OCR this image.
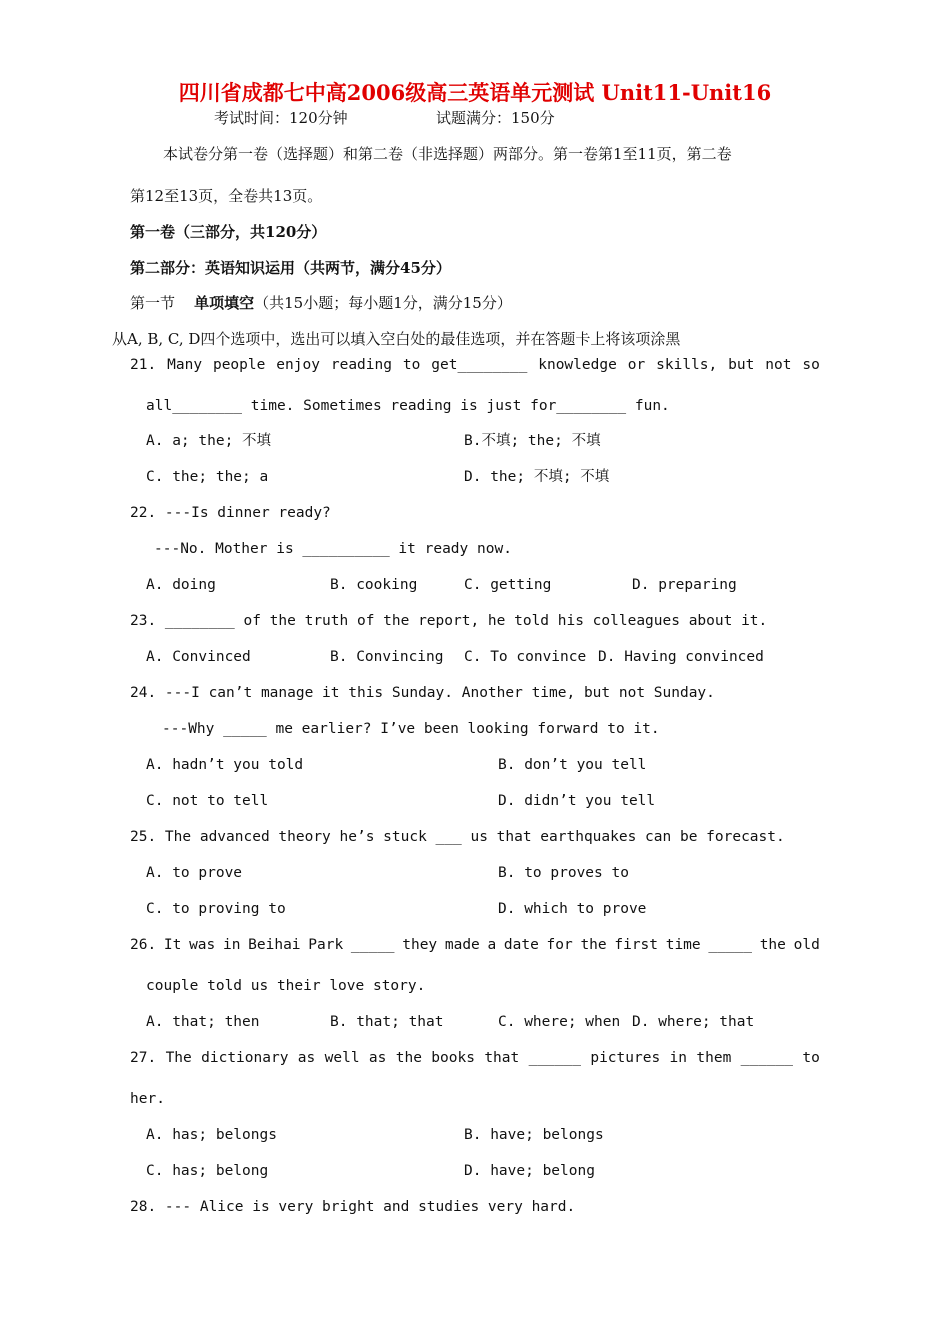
四川省成都七中高2006级高三英语单元测试 Unit11-Unit16
考试时间：120分钟	试题满分：150分
本试卷分第一卷（选择题）和第二卷（非选择题）两部分。第一卷第1至11页，第二卷
第12至13页，全卷共13页。
第一卷（三部分，共120分）
第二部分：英语知识运用（共两节，满分45分）
第一节 单项填空（共15小题；每小题1分，满分15分）
从A, B, C, D四个选项中，选出可以填入空白处的最佳选项，并在答题卡上将该项涂黑
21. Many people enjoy reading to get________ knowledge or skills, but not so
all________ time. Sometimes reading is just for________ fun.
A. a; the; 不填	B.不填; the; 不填
C. the; the; a	D. the; 不填; 不填
22. ---Is dinner ready?
---No. Mother is __________ it ready now.
A. doing	B. cooking	C. getting	D. preparing
23. ________ of the truth of the report, he told his colleagues about it.
A. Convinced	B. Convincing C. To convince D. Having convinced
24. ---I can’t manage it this Sunday. Another time, but not Sunday.
---Why _____ me earlier? I’ve been looking forward to it.
A. hadn’t you told	B. don’t you tell
C. not to tell	D. didn’t you tell
25. The advanced theory he’s stuck ___ us that earthquakes can be forecast.
A. to prove	B. to proves to
C. to proving to	D. which to prove
26. It was in Beihai Park _____ they made a date for the first time _____ the old
couple told us their love story.
A. that; then	B. that; that	C. where; when D. where; that
27. The dictionary as well as the books that ______ pictures in them ______ to
her.
A. has; belongs	B. have; belongs
C. has; belong	D. have; belong
28. --- Alice is very bright and studies very hard.
